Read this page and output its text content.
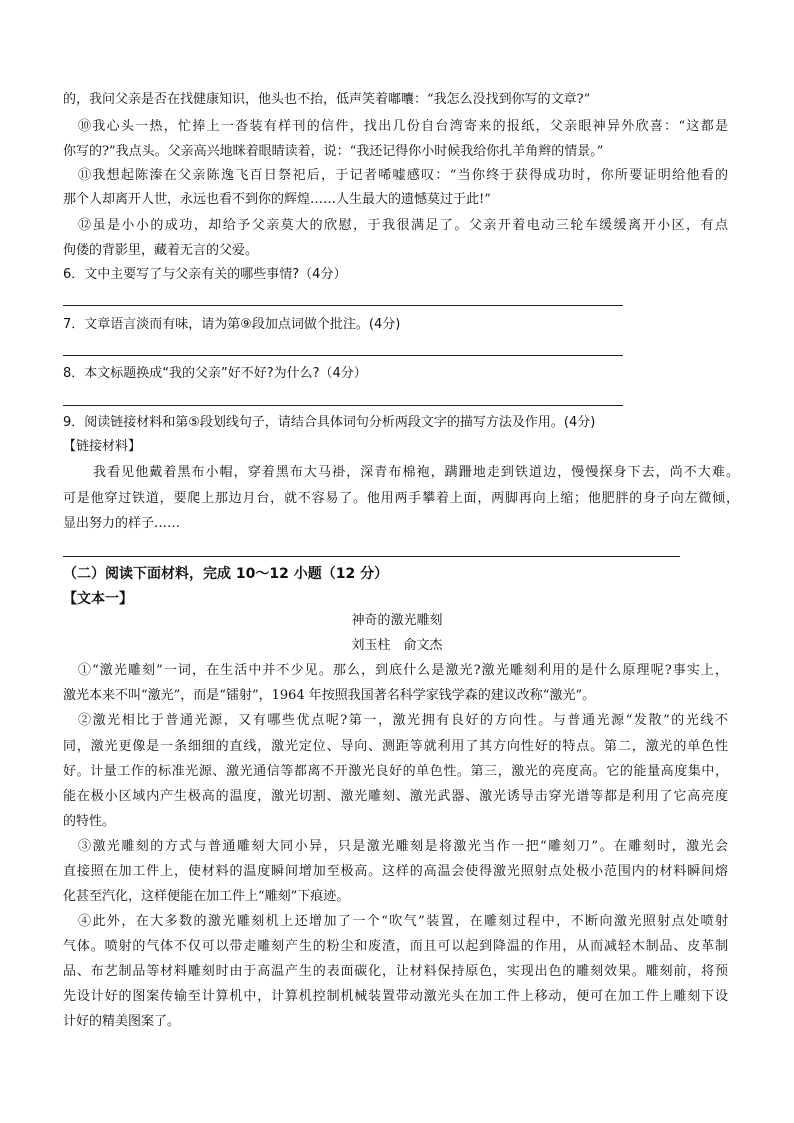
的，我问父亲是否在找健康知识，他头也不抬，低声笑着嘟囔：“我怎么没找到你写的文章?”
⑩我心头一热，忙捧上一沓装有样刊的信件，找出几份自台湾寄来的报纸，父亲眼神异外欣喜：“这都是
你写的?”我点头。父亲高兴地眯着眼睛读着，说：“我还记得你小时候我给你扎羊角辫的情景。”
⑪我想起陈溱在父亲陈逸飞百日祭祀后，于记者唏嘘感叹：“当你终于获得成功时，你所要证明给他看的
那个人却离开人世，永远也看不到你的辉煌……人生最大的遗憾莫过于此!”
⑫虽是小小的成功，却给予父亲莫大的欣慰，于我很满足了。父亲开着电动三轮车缓缓离开小区，有点
佝偻的背影里，藏着无言的父爱。
6．文中主要写了与父亲有关的哪些事情?（4分）
7．文章语言淡而有味，请为第⑨段加点词做个批注。(4分)
8．本文标题换成“我的父亲”好不好?为什么?（4分）
9．阅读链接材料和第⑤段划线句子，请结合具体词句分析两段文字的描写方法及作用。(4分)
【链接材料】
我看见他戴着黑布小帽，穿着黑布大马褂，深青布棉袍，蹒跚地走到铁道边，慢慢探身下去，尚不大难。
可是他穿过铁道，要爬上那边月台，就不容易了。他用两手攀着上面，两脚再向上缩；他肥胖的身子向左微倾，
显出努力的样子……
（二）阅读下面材料，完成 10～12 小题（12 分）
【文本一】
神奇的激光雕刻
刘玉柱　俞文杰
①“激光雕刻”一词，在生活中并不少见。那么，到底什么是激光?激光雕刻利用的是什么原理呢?事实上，
激光本来不叫“激光”，而是“镭射”，1964 年按照我国著名科学家钱学森的建议改称“激光”。
②激光相比于普通光源，又有哪些优点呢?第一，激光拥有良好的方向性。与普通光源“发散”的光线不
同，激光更像是一条细细的直线，激光定位、导向、测距等就利用了其方向性好的特点。第二，激光的单色性
好。计量工作的标准光源、激光通信等都离不开激光良好的单色性。第三，激光的亮度高。它的能量高度集中，
能在极小区域内产生极高的温度，激光切割、激光雕刻、激光武器、激光诱导击穿光谱等都是利用了它高亮度
的特性。
③激光雕刻的方式与普通雕刻大同小异，只是激光雕刻是将激光当作一把“雕刻刀”。在雕刻时，激光会
直接照在加工件上，使材料的温度瞬间增加至极高。这样的高温会使得激光照射点处极小范围内的材料瞬间熔
化甚至汽化，这样便能在加工件上“雕刻”下痕迹。
④此外，在大多数的激光雕刻机上还增加了一个“吹气”装置，在雕刻过程中，不断向激光照射点处喷射
气体。喷射的气体不仅可以带走雕刻产生的粉尘和废渣，而且可以起到降温的作用，从而减轻木制品、皮革制
品、布艺制品等材料雕刻时由于高温产生的表面碳化，让材料保持原色，实现出色的雕刻效果。雕刻前，将预
先设计好的图案传输至计算机中，计算机控制机械装置带动激光头在加工件上移动，便可在加工件上雕刻下设
计好的精美图案了。
